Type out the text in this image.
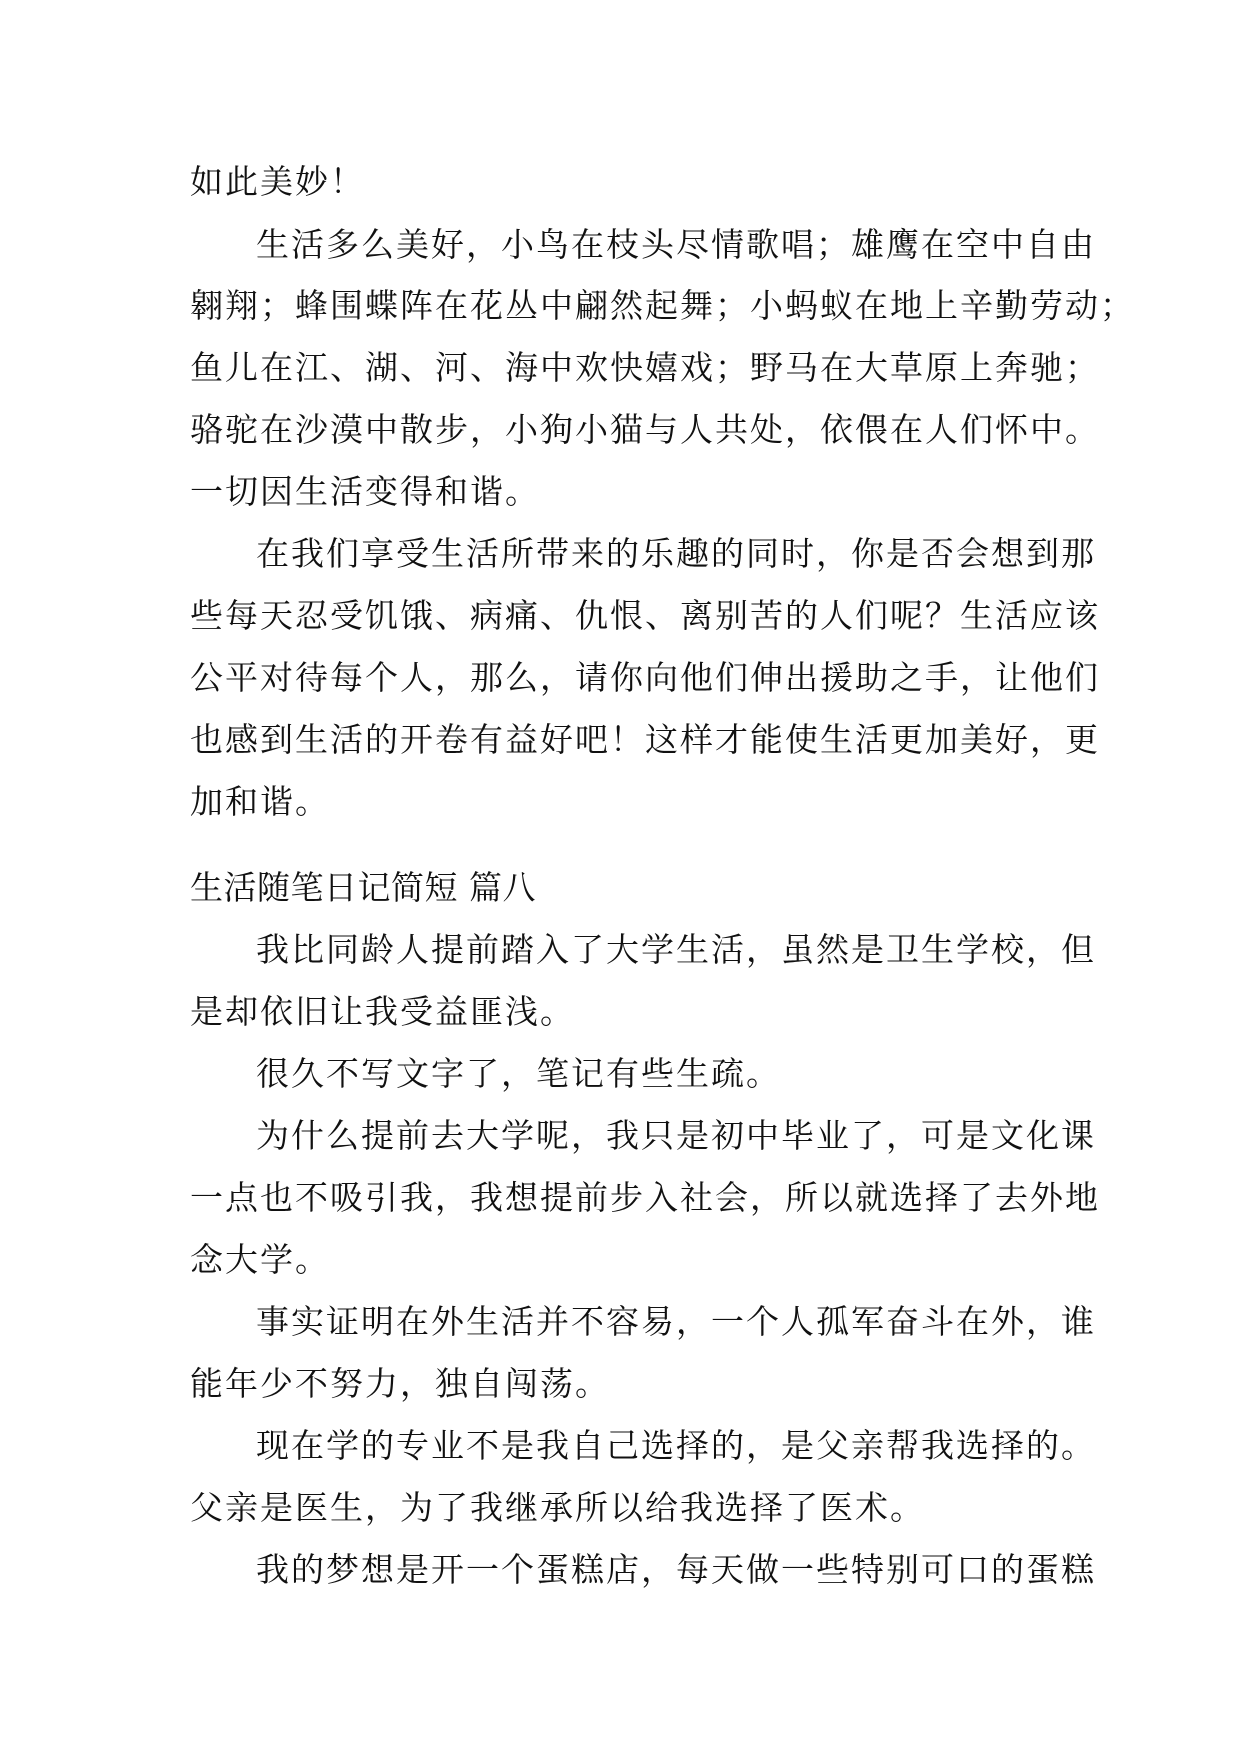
如此美妙！

生活多么美好，小鸟在枝头尽情歌唱；雄鹰在空中自由

翱翔；蜂围蝶阵在花丛中翩然起舞；小蚂蚁在地上辛勤劳动；

鱼儿在江、湖、河、海中欢快嬉戏；野马在大草原上奔驰；

骆驼在沙漠中散步，小狗小猫与人共处，依偎在人们怀中。

一切因生活变得和谐。

在我们享受生活所带来的乐趣的同时，你是否会想到那

些每天忍受饥饿、病痛、仇恨、离别苦的人们呢？生活应该

公平对待每个人，那么，请你向他们伸出援助之手，让他们

也感到生活的开卷有益好吧！这样才能使生活更加美好，更

加和谐。

生活随笔日记简短 篇八

我比同龄人提前踏入了大学生活，虽然是卫生学校，但

是却依旧让我受益匪浅。

很久不写文字了，笔记有些生疏。

为什么提前去大学呢，我只是初中毕业了，可是文化课

一点也不吸引我，我想提前步入社会，所以就选择了去外地

念大学。

事实证明在外生活并不容易，一个人孤军奋斗在外，谁

能年少不努力，独自闯荡。

现在学的专业不是我自己选择的，是父亲帮我选择的。

父亲是医生，为了我继承所以给我选择了医术。

我的梦想是开一个蛋糕店，每天做一些特别可口的蛋糕
